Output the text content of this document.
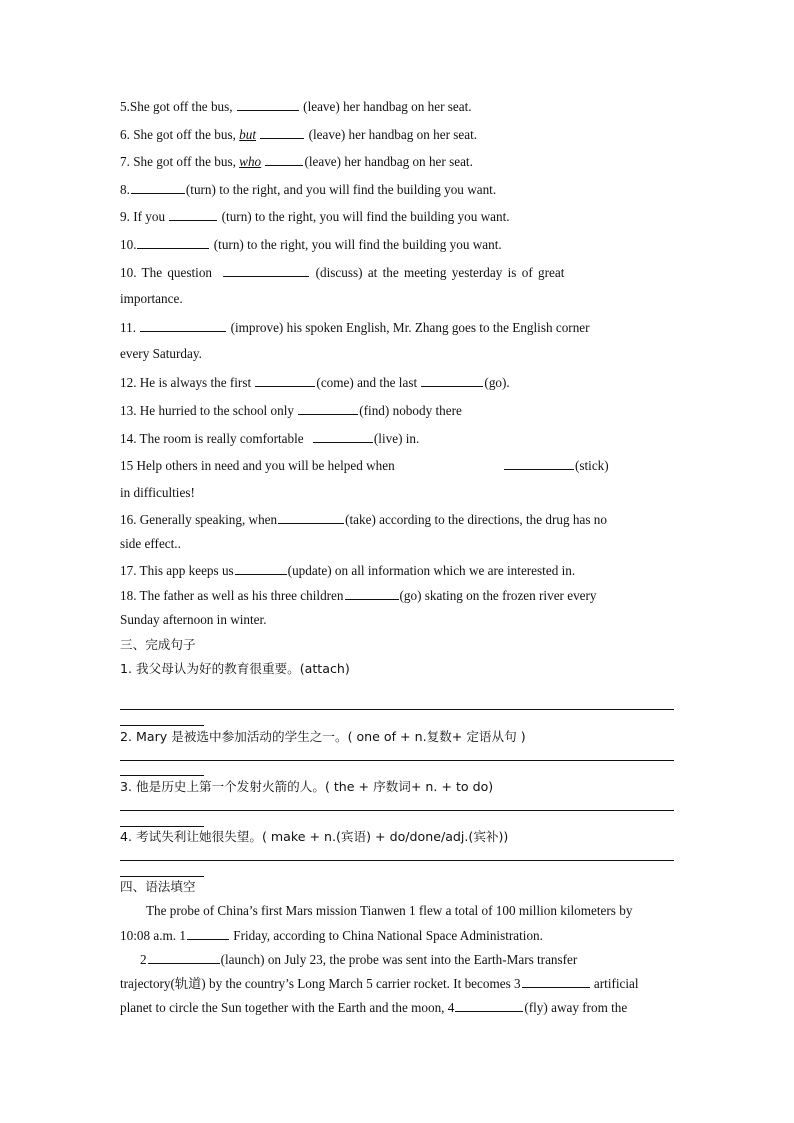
5.She got off the bus,	(leave) her handbag on her seat.
6. She got off the bus, but	(leave) her handbag on her seat.
7. She got off the bus, who	(leave) her handbag on her seat.
8.	(turn) to the right, and you will find the building you want.
9. If you	(turn) to the right, you will find the building you want.
10.	(turn) to the right, you will find the building you want.
10. The question	(discuss) at the meeting yesterday is of great
importance.
11.	(improve) his spoken English, Mr. Zhang goes to the English corner
every Saturday.
12. He is always the first	(come) and the last	(go).
13. He hurried to the school only	(find) nobody there
14. The room is really comfortable	(live) in.
15 Help others in need and you will be helped when	(stick)
in difficulties!
16. Generally speaking, when	(take) according to the directions, the drug has no
side effect..
17. This app keeps us	(update) on all information which we are interested in.
18. The father as well as his three children	(go) skating on the frozen river every
Sunday afternoon in winter.
三、完成句子
1. 我父母认为好的教育很重要。(attach)
2. Mary 是被选中参加活动的学生之一。( one of + n.复数+ 定语从句 )
3. 他是历史上第一个发射火箭的人。( the + 序数词+ n. + to do)
4. 考试失利让她很失望。( make + n.(宾语) + do/done/adj.(宾补))
四、语法填空
The probe of China’s first Mars mission Tianwen 1 flew a total of 100 million kilometers by
10:08 a.m. 1	Friday, according to China National Space Administration.
2	(launch) on July 23, the probe was sent into the Earth-Mars transfer
trajectory(轨道) by the country’s Long March 5 carrier rocket. It becomes 3	artificial
planet to circle the Sun together with the Earth and the moon, 4	(fly) away from the
